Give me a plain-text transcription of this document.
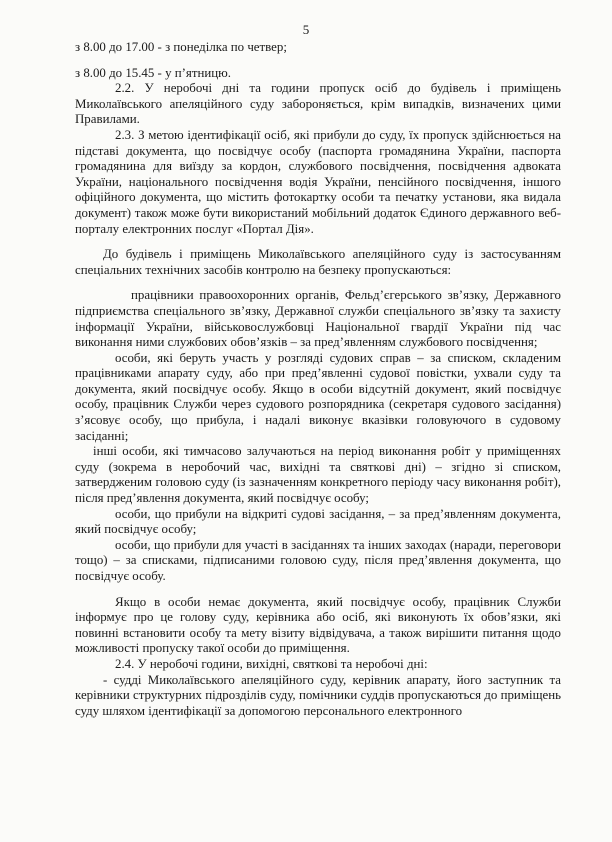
5

з 8.00 до 17.00 - з понеділка по четвер;

з 8.00 до 15.45 - у п’ятницю.

2.2. У неробочі дні та години пропуск осіб до будівель і приміщень Миколаївського апеляційного суду забороняється, крім випадків, визначених цими Правилами.

2.3. З метою ідентифікації осіб, які прибули до суду, їх пропуск здійснюється на підставі документа, що посвідчує особу (паспорта громадянина України, паспорта громадянина для виїзду за кордон, службового посвідчення, посвідчення адвоката України, національного посвідчення водія України, пенсійного посвідчення, іншого офіційного документа, що містить фотокартку особи та печатку установи, яка видала документ) також може бути використаний мобільний додаток Єдиного державного веб-порталу електронних послуг «Портал Дія».

До будівель і приміщень Миколаївського апеляційного суду із застосуванням спеціальних технічних засобів контролю на безпеку пропускаються:

працівники правоохоронних органів, Фельд’єгерського зв’язку, Державного підприємства спеціального зв’язку, Державної служби спеціального зв’язку та захисту інформації України, військовослужбовці Національної гвардії України під час виконання ними службових обов’язків – за пред’явленням службового посвідчення;

особи, які беруть участь у розгляді судових справ – за списком, складеним працівниками апарату суду, або при пред’явленні судової повістки, ухвали суду та документа, який посвідчує особу. Якщо в особи відсутній документ, який посвідчує особу, працівник Служби через судового розпорядника (секретаря судового засідання) з’ясовує особу, що прибула, і надалі виконує вказівки головуючого в судовому засіданні;

інші особи, які тимчасово залучаються на період виконання робіт у приміщеннях суду (зокрема в неробочий час, вихідні та святкові дні) – згідно зі списком, затвердженим головою суду (із зазначенням конкретного періоду часу виконання робіт), після пред’явлення документа, який посвідчує особу;

особи, що прибули на відкриті судові засідання, – за пред’явленням документа, який посвідчує особу;

особи, що прибули для участі в засіданнях та інших заходах (наради, переговори тощо) – за списками, підписаними головою суду, після пред’явлення документа, що посвідчує особу.

Якщо в особи немає документа, який посвідчує особу, працівник Служби інформує про це голову суду, керівника або осіб, які виконують їх обов’язки, які повинні встановити особу та мету візиту відвідувача, а також вирішити питання щодо можливості пропуску такої особи до приміщення.

2.4. У неробочі години, вихідні, святкові та неробочі дні:

- судді Миколаївського апеляційного суду, керівник апарату, його заступник та керівники структурних підрозділів суду, помічники суддів пропускаються до приміщень суду шляхом ідентифікації за допомогою персонального електронного
